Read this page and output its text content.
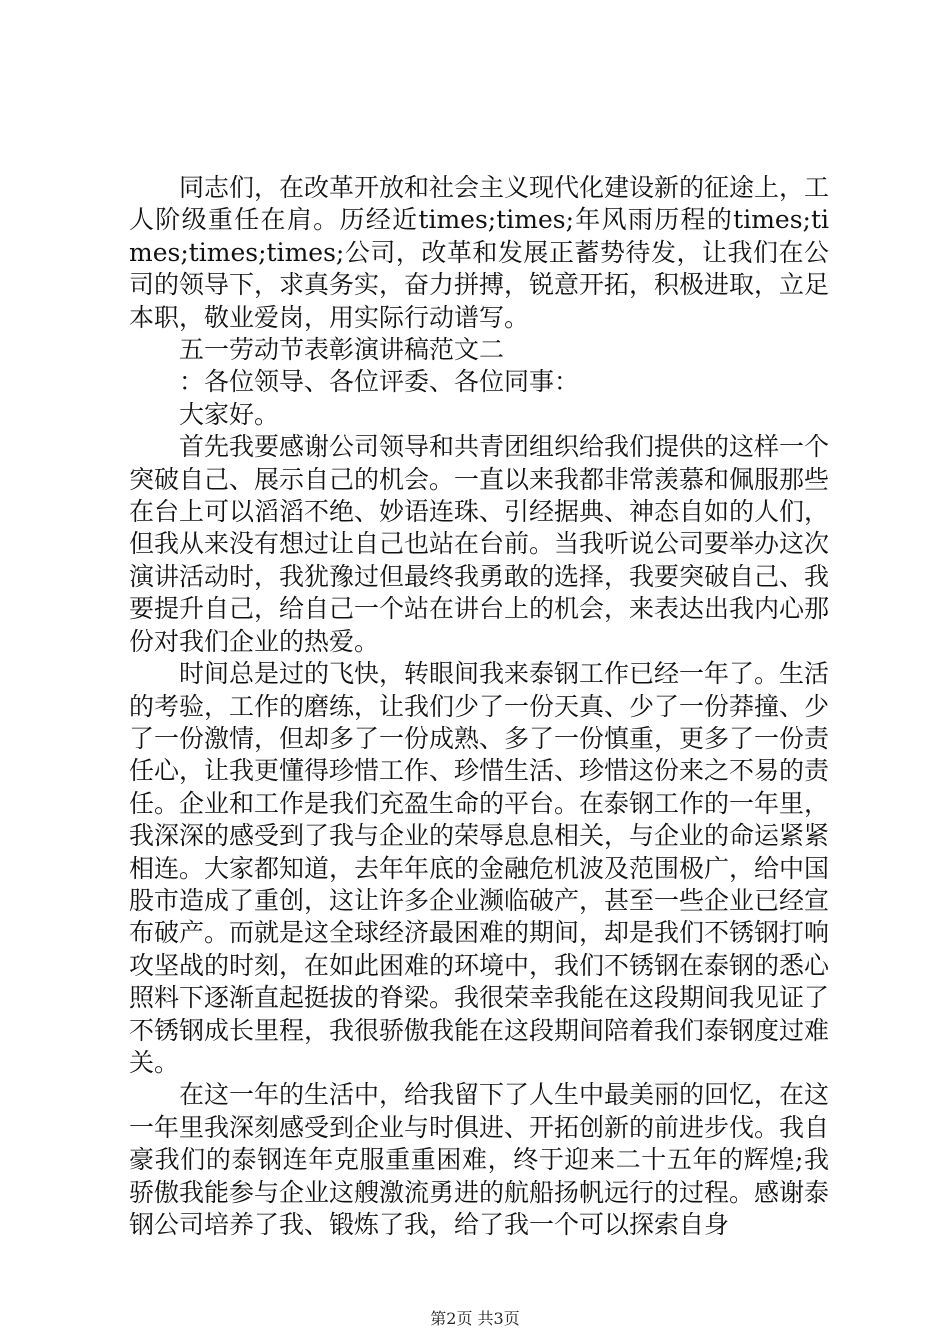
同志们，在改革开放和社会主义现代化建设新的征途上，工人阶级重任在肩。历经近times;times;年风雨历程的times;times;times;times;公司，改革和发展正蓄势待发，让我们在公司的领导下，求真务实，奋力拼搏，锐意开拓，积极进取，立足本职，敬业爱岗，用实际行动谱写。

五一劳动节表彰演讲稿范文二

：各位领导、各位评委、各位同事：

大家好。

首先我要感谢公司领导和共青团组织给我们提供的这样一个突破自己、展示自己的机会。一直以来我都非常羡慕和佩服那些在台上可以滔滔不绝、妙语连珠、引经据典、神态自如的人们，但我从来没有想过让自己也站在台前。当我听说公司要举办这次演讲活动时，我犹豫过但最终我勇敢的选择，我要突破自己、我要提升自己，给自己一个站在讲台上的机会，来表达出我内心那份对我们企业的热爱。

时间总是过的飞快，转眼间我来泰钢工作已经一年了。生活的考验，工作的磨练，让我们少了一份天真、少了一份莽撞、少了一份激情，但却多了一份成熟、多了一份慎重，更多了一份责任心，让我更懂得珍惜工作、珍惜生活、珍惜这份来之不易的责任。企业和工作是我们充盈生命的平台。在泰钢工作的一年里，我深深的感受到了我与企业的荣辱息息相关，与企业的命运紧紧相连。大家都知道，去年年底的金融危机波及范围极广，给中国股市造成了重创，这让许多企业濒临破产，甚至一些企业已经宣布破产。而就是这全球经济最困难的期间，却是我们不锈钢打响攻坚战的时刻，在如此困难的环境中，我们不锈钢在泰钢的悉心照料下逐渐直起挺拔的脊梁。我很荣幸我能在这段期间我见证了不锈钢成长里程，我很骄傲我能在这段期间陪着我们泰钢度过难关。

在这一年的生活中，给我留下了人生中最美丽的回忆，在这一年里我深刻感受到企业与时俱进、开拓创新的前进步伐。我自豪我们的泰钢连年克服重重困难，终于迎来二十五年的辉煌;我骄傲我能参与企业这艘激流勇进的航船扬帆远行的过程。感谢泰钢公司培养了我、锻炼了我，给了我一个可以探索自身

第2页 共3页
